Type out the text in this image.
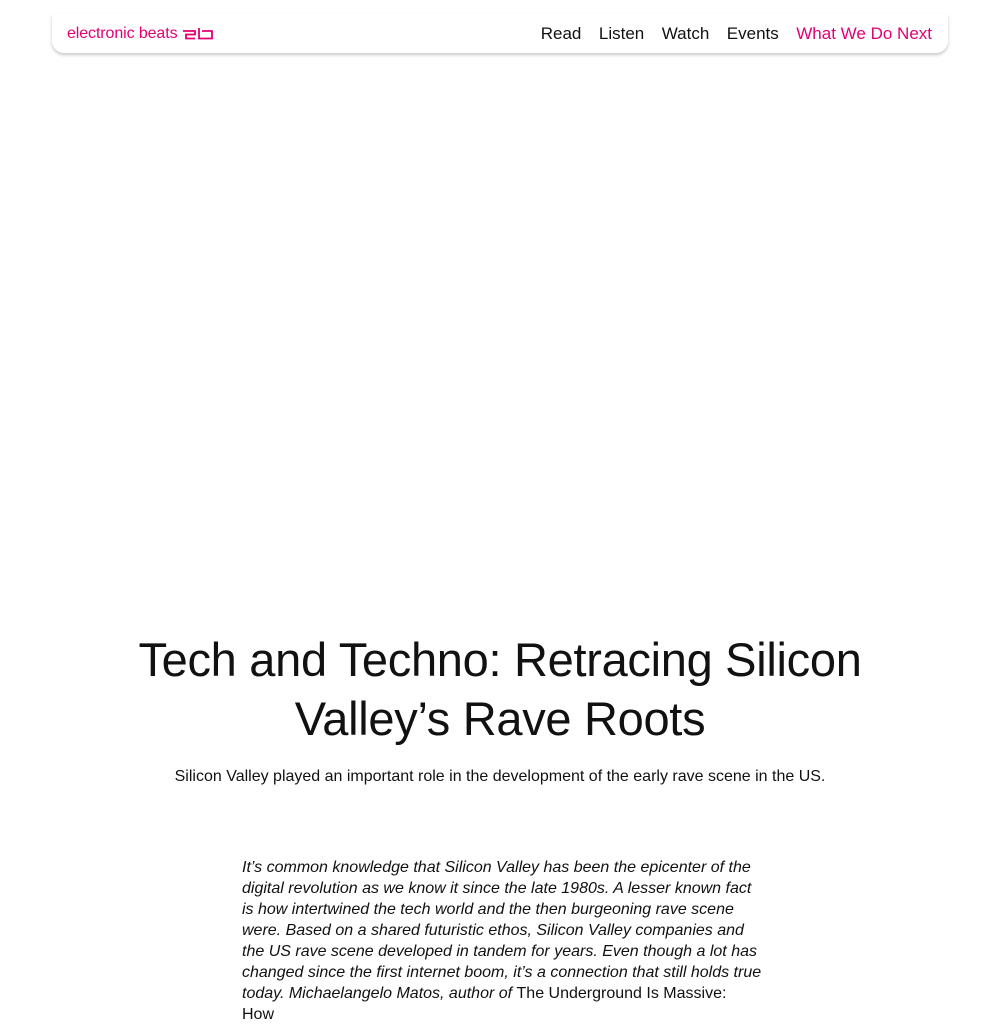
electronic beats	Read Listen Watch Events What We Do Next
Tech and Techno: Retracing Silicon Valley’s Rave Roots

Silicon Valley played an important role in the development of the early rave scene in the US.

It’s common knowledge that Silicon Valley has been the epicenter of the digital revolution as we know it since the late 1980s. A lesser known fact is how intertwined the tech world and the then burgeoning rave scene were. Based on a shared futuristic ethos, Silicon Valley companies and the US rave scene developed in tandem for years. Even though a lot has changed since the first internet boom, it’s a connection that still holds true today. Michaelangelo Matos, author of The Underground Is Massive: How
